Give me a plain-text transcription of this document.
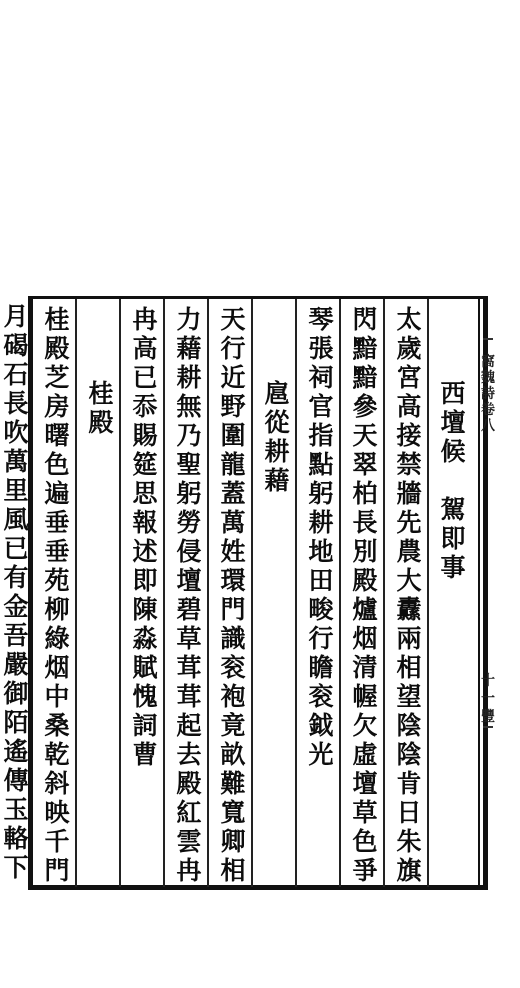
西
壇
候

駕
即
事
太
歲
宮
高
接
禁
牆
先
農
大
纛
兩
相
望
陰
陰
肯
日
朱
旗
閃
黯
黯
參
天
翠
柏
長
別
殿
爐
烟
清
幄
欠
虛
壇
草
色
爭
琴
張
祠
官
指
點
躬
耕
地
田
畯
行
瞻
衮
鉞
光
扈
從
耕
藉
天
行
近
野
圍
龍
蓋
萬
姓
環
門
識
衮
袍
竟
畝
難
寬
卿
相
力
藉
耕
無
乃
聖
躬
勞
侵
壇
碧
草
茸
茸
起
去
殿
紅
雲
冉
冉
高
已
忝
賜
筵
思
報
述
即
陳
淼
賦
愧
詞
曹
桂
殿
桂
殿
芝
房
曙
色
遍
垂
垂
苑
柳
綠
烟
中
桑
乾
斜
映
千
門
月
碣
石
長
吹
萬
里
風
已
有
金
吾
嚴
御
陌
遙
傳
玉
輅
下
窩
魏
詩
卷
八
十
一
豐
